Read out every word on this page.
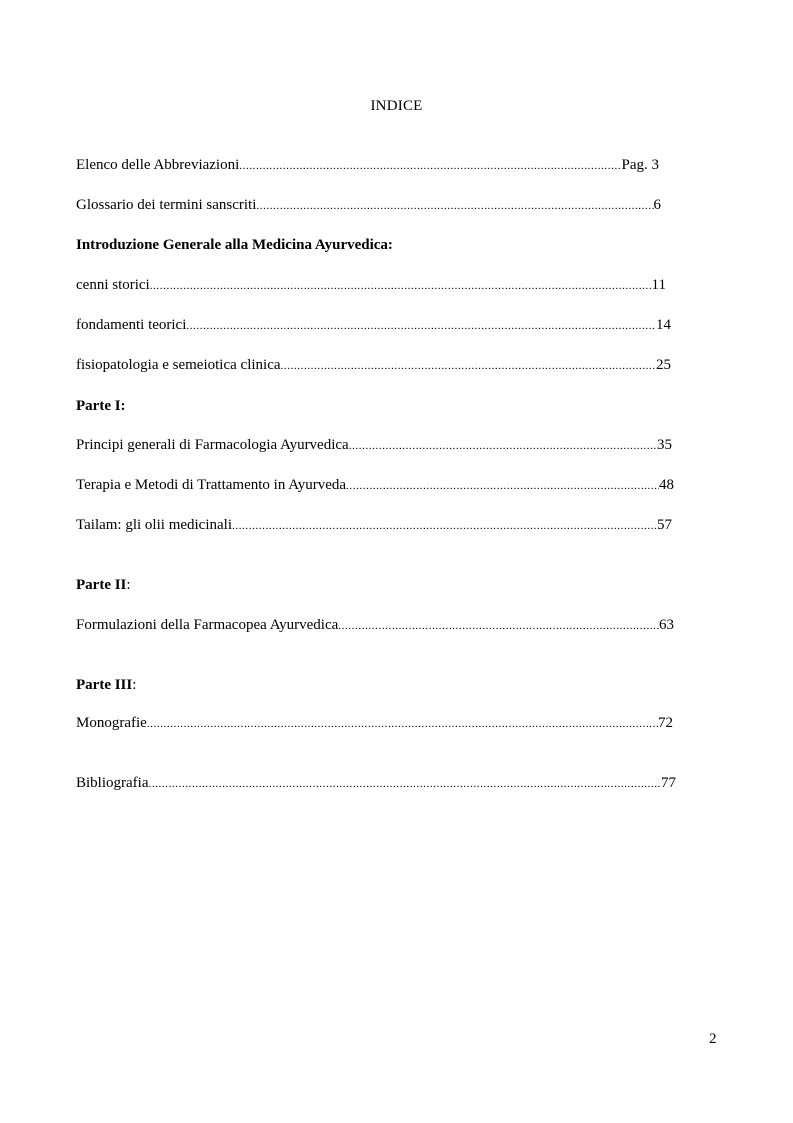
INDICE
Elenco delle Abbreviazioni .....	Pag. 3
Glossario dei termini sanscriti .....	6
Introduzione Generale alla Medicina Ayurvedica:
cenni storici .....	11
fondamenti teorici .....	14
fisiopatologia e semeiotica clinica .....	25
Parte I:
Principi generali di Farmacologia Ayurvedica .....	35
Terapia e Metodi di Trattamento in Ayurveda .....	48
Tailam: gli olii medicinali .....	57
Parte II:
Formulazioni della Farmacopea Ayurvedica .....	63
Parte III:
Monografie .....	72
Bibliografia .....	77
2
